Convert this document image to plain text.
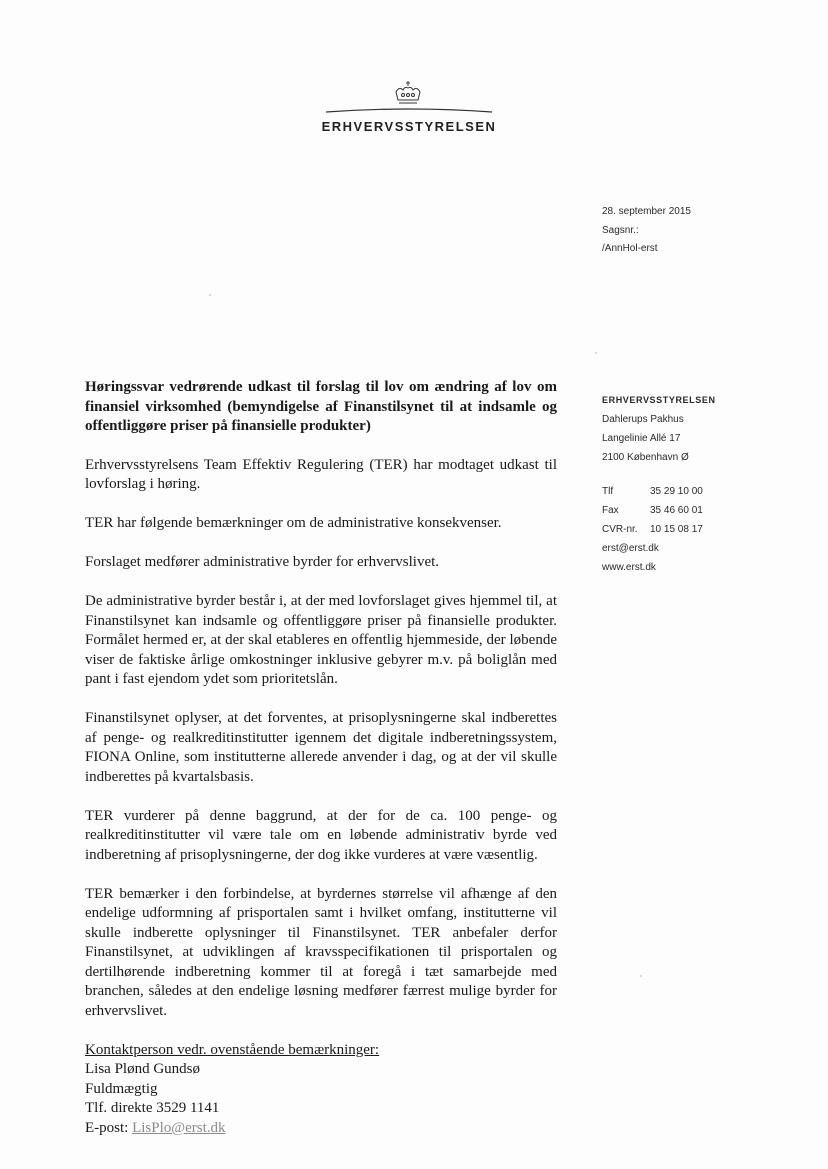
ERHVERVSSTYRELSEN
28. september 2015
Sagsnr.:
/AnnHol-erst
ERHVERVSSTYRELSEN
Dahlerups Pakhus
Langelinie Allé 17
2100 København Ø
Tlf	35 29 10 00
Fax	35 46 60 01
CVR-nr.	10 15 08 17
erst@erst.dk
www.erst.dk

Høringssvar vedrørende udkast til forslag til lov om ændring af lov om finansiel virksomhed (bemyndigelse af Finanstilsynet til at indsamle og offentliggøre priser på finansielle produkter)

Erhvervsstyrelsens Team Effektiv Regulering (TER) har modtaget udkast til lovforslag i høring.

TER har følgende bemærkninger om de administrative konsekvenser.

Forslaget medfører administrative byrder for erhvervslivet.

De administrative byrder består i, at der med lovforslaget gives hjemmel til, at Finanstilsynet kan indsamle og offentliggøre priser på finansielle produkter. Formålet hermed er, at der skal etableres en offentlig hjemmeside, der løbende viser de faktiske årlige omkostninger inklusive gebyrer m.v. på boliglån med pant i fast ejendom ydet som prioritetslån.

Finanstilsynet oplyser, at det forventes, at prisoplysningerne skal indberettes af penge- og realkreditinstitutter igennem det digitale indberetningssystem, FIONA Online, som institutterne allerede anvender i dag, og at der vil skulle indberettes på kvartalsbasis.

TER vurderer på denne baggrund, at der for de ca. 100 penge- og realkreditinstitutter vil være tale om en løbende administrativ byrde ved indberetning af prisoplysningerne, der dog ikke vurderes at være væsentlig.

TER bemærker i den forbindelse, at byrdernes størrelse vil afhænge af den endelige udformning af prisportalen samt i hvilket omfang, institutterne vil skulle indberette oplysninger til Finanstilsynet. TER anbefaler derfor Finanstilsynet, at udviklingen af kravsspecifikationen til prisportalen og dertilhørende indberetning kommer til at foregå i tæt samarbejde med branchen, således at den endelige løsning medfører færrest mulige byrder for erhvervslivet.

Kontaktperson vedr. ovenstående bemærkninger:
Lisa Plønd Gundsø
Fuldmægtig
Tlf. direkte 3529 1141
E-post: LisPlo@erst.dk
